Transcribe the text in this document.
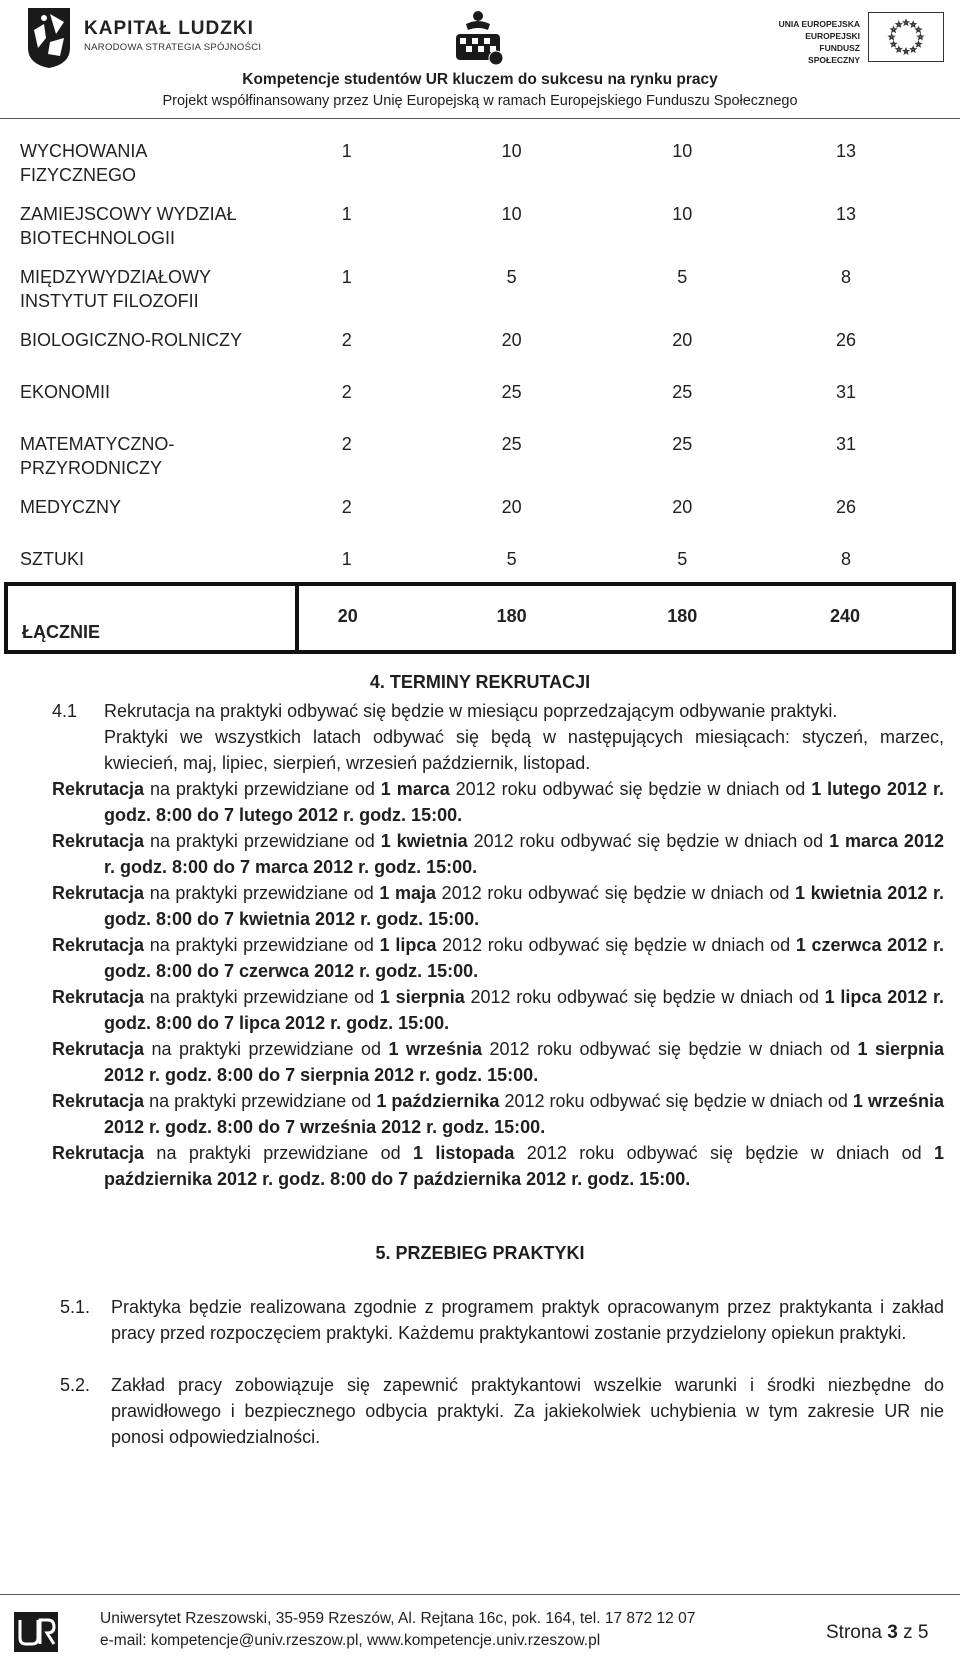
KAPITAŁ LUDZKI
NARODOWA STRATEGIA SPÓJNOŚCI
UNIA EUROPEJSKA
EUROPEJSKI
FUNDUSZ SPOŁECZNY
Kompetencje studentów UR kluczem do sukcesu na rynku pracy
Projekt współfinansowany przez Unię Europejską w ramach Europejskiego Funduszu Społecznego
WYCHOWANIA FIZYCZNEGO	1	10	10	13
ZAMIEJSCOWY WYDZIAŁ BIOTECHNOLOGII	1	10	10	13
MIĘDZYWYDZIAŁOWY INSTYTUT FILOZOFII	1	5	5	8
BIOLOGICZNO-ROLNICZY	2	20	20	26
EKONOMII	2	25	25	31
MATEMATYCZNO-PRZYRODNICZY	2	25	25	31
MEDYCZNY	2	20	20	26
SZTUKI	1	5	5	8
ŁĄCZNIE	20	180	180	240
4. TERMINY REKRUTACJI
4.1	Rekrutacja na praktyki odbywać się będzie w miesiącu poprzedzającym odbywanie praktyki.
Praktyki we wszystkich latach odbywać się będą w następujących miesiącach: styczeń, marzec, kwiecień, maj, lipiec, sierpień, wrzesień październik, listopad.
Rekrutacja na praktyki przewidziane od 1 marca 2012 roku odbywać się będzie w dniach od 1 lutego 2012 r. godz. 8:00 do 7 lutego 2012 r. godz. 15:00.
Rekrutacja na praktyki przewidziane od 1 kwietnia 2012 roku odbywać się będzie w dniach od 1 marca 2012 r. godz. 8:00 do 7 marca 2012 r. godz. 15:00.
Rekrutacja na praktyki przewidziane od 1 maja 2012 roku odbywać się będzie w dniach od 1 kwietnia 2012 r. godz. 8:00 do 7 kwietnia 2012 r. godz. 15:00.
Rekrutacja na praktyki przewidziane od 1 lipca 2012 roku odbywać się będzie w dniach od 1 czerwca 2012 r. godz. 8:00 do 7 czerwca 2012 r. godz. 15:00.
Rekrutacja na praktyki przewidziane od 1 sierpnia 2012 roku odbywać się będzie w dniach od 1 lipca 2012 r. godz. 8:00 do 7 lipca 2012 r. godz. 15:00.
Rekrutacja na praktyki przewidziane od 1 września 2012 roku odbywać się będzie w dniach od 1 sierpnia 2012 r. godz. 8:00 do 7 sierpnia 2012 r. godz. 15:00.
Rekrutacja na praktyki przewidziane od 1 października 2012 roku odbywać się będzie w dniach od 1 września 2012 r. godz. 8:00 do 7 września 2012 r. godz. 15:00.
Rekrutacja na praktyki przewidziane od 1 listopada 2012 roku odbywać się będzie w dniach od 1 października 2012 r. godz. 8:00 do 7 października 2012 r. godz. 15:00.
5. PRZEBIEG PRAKTYKI
5.1.	Praktyka będzie realizowana zgodnie z programem praktyk opracowanym przez praktykanta i zakład pracy przed rozpoczęciem praktyki. Każdemu praktykantowi zostanie przydzielony opiekun praktyki.
5.2.	Zakład pracy zobowiązuje się zapewnić praktykantowi wszelkie warunki i środki niezbędne do prawidłowego i bezpiecznego odbycia praktyki. Za jakiekolwiek uchybienia w tym zakresie UR nie ponosi odpowiedzialności.
Uniwersytet Rzeszowski, 35-959 Rzeszów, Al. Rejtana 16c, pok. 164, tel. 17 872 12 07
e-mail: kompetencje@univ.rzeszow.pl, www.kompetencje.univ.rzeszow.pl	Strona 3 z 5
